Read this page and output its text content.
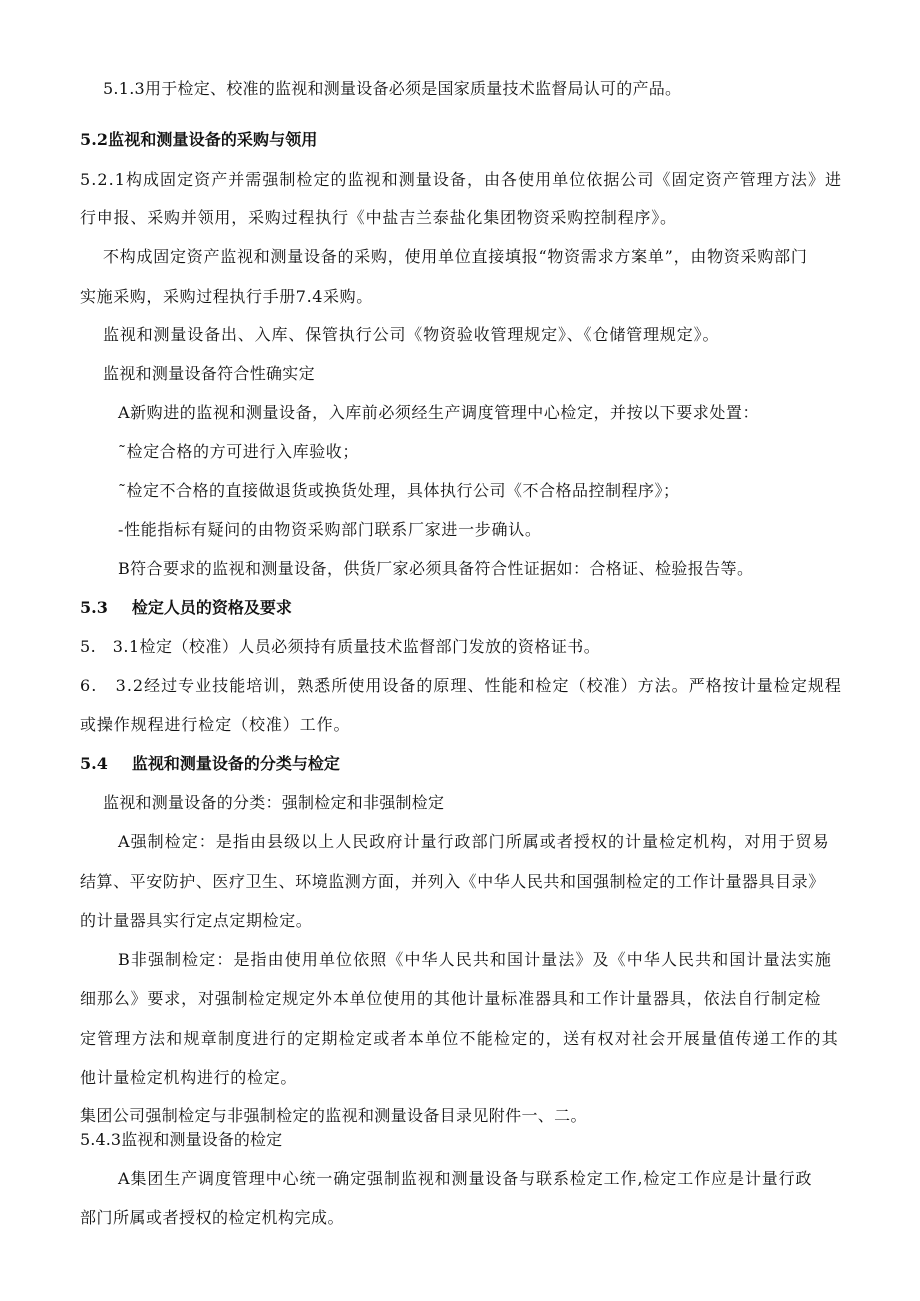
5.1.3用于检定、校准的监视和测量设备必须是国家质量技术监督局认可的产品。
5.2监视和测量设备的采购与领用
5.2.1构成固定资产并需强制检定的监视和测量设备，由各使用单位依据公司《固定资产管理方法》进
行申报、采购并领用，采购过程执行《中盐吉兰泰盐化集团物资采购控制程序》。
不构成固定资产监视和测量设备的采购，使用单位直接填报“物资需求方案单”，由物资采购部门
实施采购，采购过程执行手册7.4采购。
监视和测量设备出、入库、保管执行公司《物资验收管理规定》、《仓储管理规定》。
监视和测量设备符合性确实定
A新购进的监视和测量设备，入库前必须经生产调度管理中心检定，并按以下要求处置：
˜检定合格的方可进行入库验收；
˜检定不合格的直接做退货或换货处理，具体执行公司《不合格品控制程序》；
-性能指标有疑问的由物资采购部门联系厂家进一步确认。
B符合要求的监视和测量设备，供货厂家必须具备符合性证据如：合格证、检验报告等。
5.3 检定人员的资格及要求
5.   3.1检定（校准）人员必须持有质量技术监督部门发放的资格证书。
6.   3.2经过专业技能培训，熟悉所使用设备的原理、性能和检定（校准）方法。严格按计量检定规程
或操作规程进行检定（校准）工作。
5.4 监视和测量设备的分类与检定
监视和测量设备的分类：强制检定和非强制检定
A强制检定：是指由县级以上人民政府计量行政部门所属或者授权的计量检定机构，对用于贸易
结算、平安防护、医疗卫生、环境监测方面，并列入《中华人民共和国强制检定的工作计量器具目录》
的计量器具实行定点定期检定。
B非强制检定：是指由使用单位依照《中华人民共和国计量法》及《中华人民共和国计量法实施
细那么》要求，对强制检定规定外本单位使用的其他计量标准器具和工作计量器具，依法自行制定检
定管理方法和规章制度进行的定期检定或者本单位不能检定的，送有权对社会开展量值传递工作的其
他计量检定机构进行的检定。
集团公司强制检定与非强制检定的监视和测量设备目录见附件一、二。
5.4.3监视和测量设备的检定
A集团生产调度管理中心统一确定强制监视和测量设备与联系检定工作,检定工作应是计量行政
部门所属或者授权的检定机构完成。
